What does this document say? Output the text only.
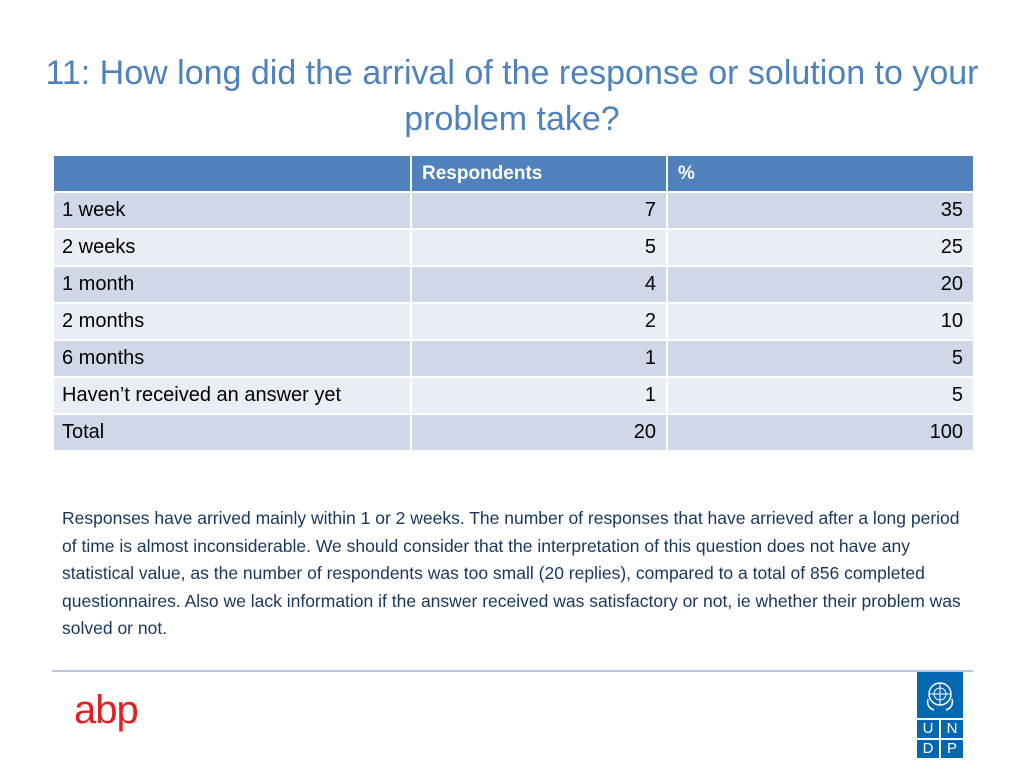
11: How long did the arrival of the response or solution to your problem take?
	Respondents	%
1 week	7	35
2 weeks	5	25
1 month	4	20
2 months	2	10
6 months	1	5
Haven’t received an answer yet	1	5
Total	20	100
Responses have arrived mainly within 1 or 2 weeks. The number of responses that have arrieved after a long period of time is almost inconsiderable. We should consider that the interpretation of this question does not have any statistical value, as the number of respondents was too small (20 replies), compared to a total of 856 completed questionnaires. Also we lack information if the answer received was satisfactory or not, ie whether their problem was solved or not.
abp	U N
D P
